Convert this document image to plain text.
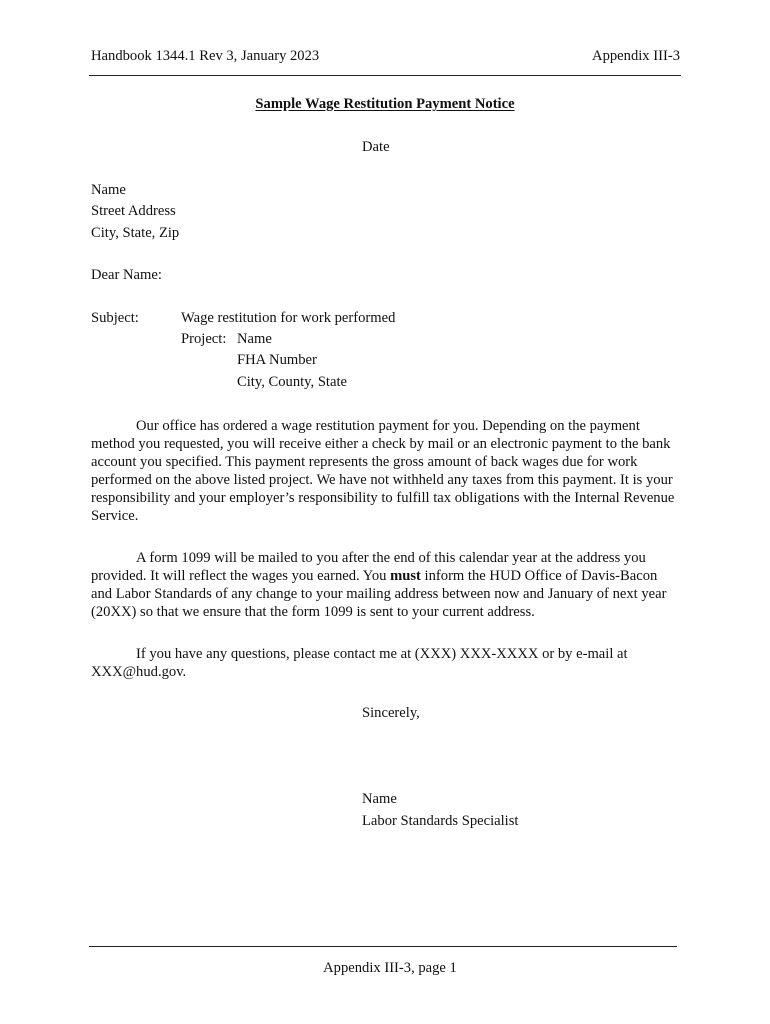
Handbook 1344.1 Rev 3, January 2023	Appendix III-3
Sample Wage Restitution Payment Notice
Date
Name
Street Address
City, State, Zip
Dear Name:
Subject:	Wage restitution for work performed
Project: Name
FHA Number
City, County, State
Our office has ordered a wage restitution payment for you. Depending on the payment method you requested, you will receive either a check by mail or an electronic payment to the bank account you specified. This payment represents the gross amount of back wages due for work performed on the above listed project. We have not withheld any taxes from this payment. It is your responsibility and your employer’s responsibility to fulfill tax obligations with the Internal Revenue Service.
A form 1099 will be mailed to you after the end of this calendar year at the address you provided. It will reflect the wages you earned. You must inform the HUD Office of Davis-Bacon and Labor Standards of any change to your mailing address between now and January of next year (20XX) so that we ensure that the form 1099 is sent to your current address.
If you have any questions, please contact me at (XXX) XXX-XXXX or by e-mail at XXX@hud.gov.
Sincerely,
Name
Labor Standards Specialist
Appendix III-3, page 1
